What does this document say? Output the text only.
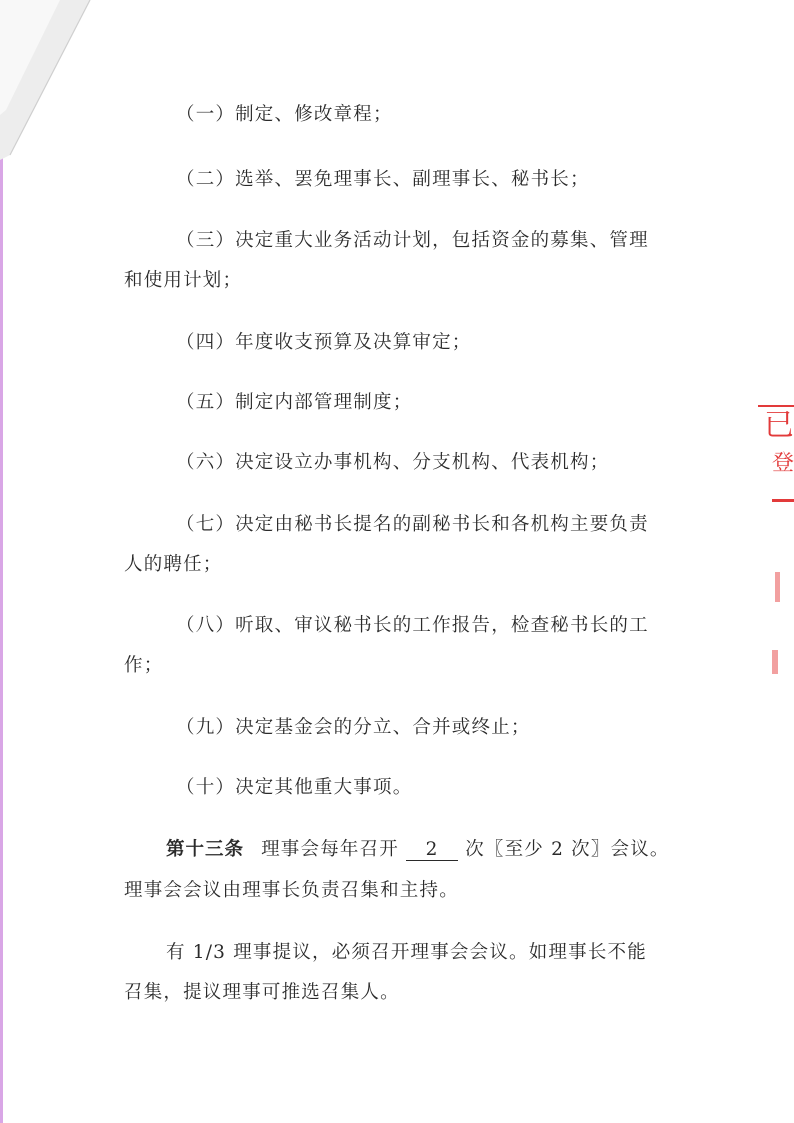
（一）制定、修改章程；

（二）选举、罢免理事长、副理事长、秘书长；

（三）决定重大业务活动计划，包括资金的募集、管理

和使用计划；

（四）年度收支预算及决算审定；

（五）制定内部管理制度；

（六）决定设立办事机构、分支机构、代表机构；

（七）决定由秘书长提名的副秘书长和各机构主要负责

人的聘任；

（八）听取、审议秘书长的工作报告，检查秘书长的工

作；

（九）决定基金会的分立、合并或终止；

（十）决定其他重大事项。

第十三条 理事会每年召开 2 次〖至少 2 次〗会议。

理事会会议由理事长负责召集和主持。

有 1/3 理事提议，必须召开理事会会议。如理事长不能

召集，提议理事可推选召集人。

已
登
